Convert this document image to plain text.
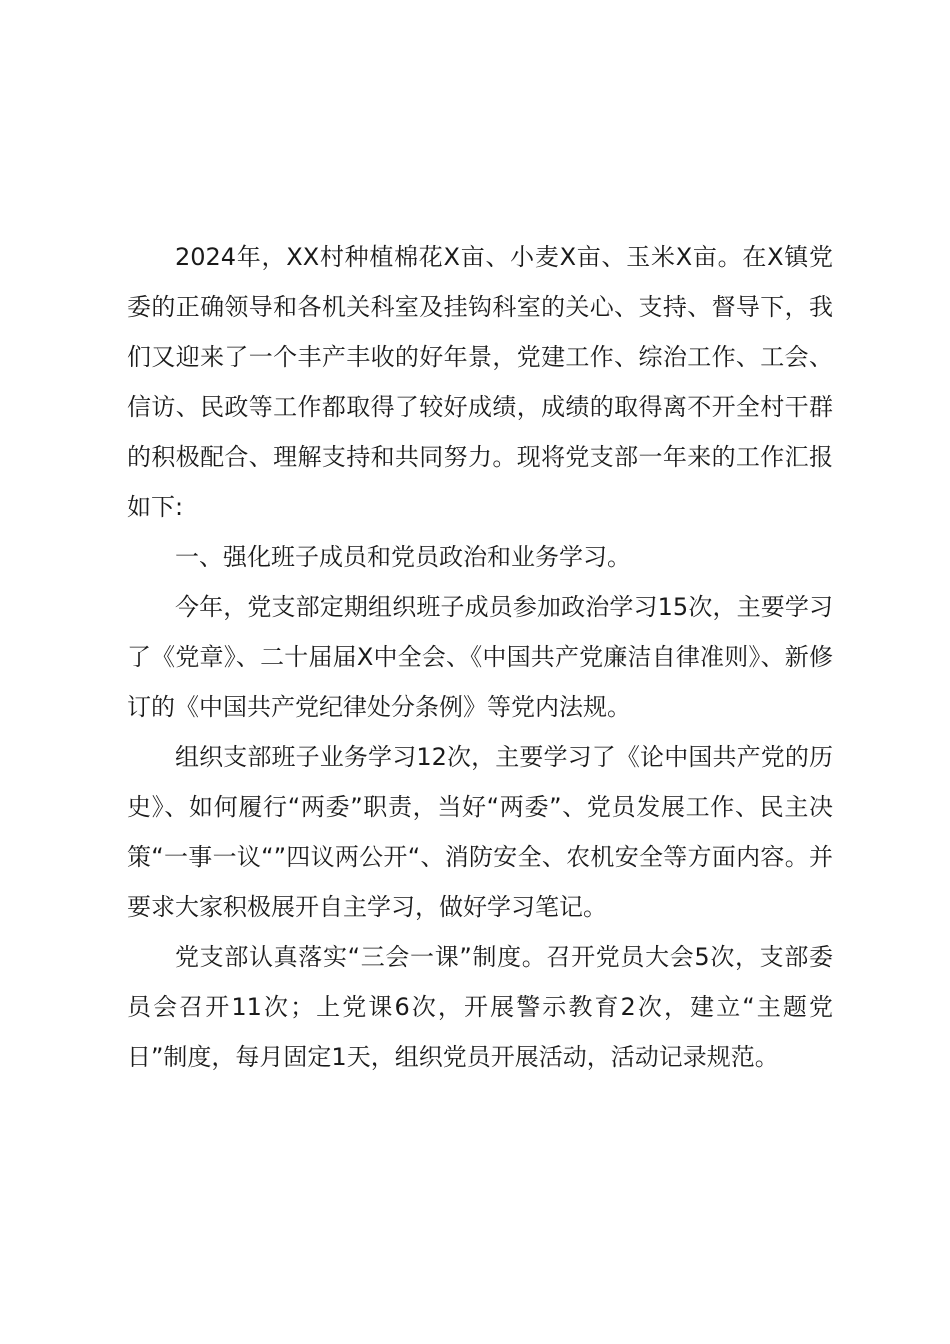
2024年，XX村种植棉花X亩、小麦X亩、玉米X亩。在X镇党委的正确领导和各机关科室及挂钩科室的关心、支持、督导下，我们又迎来了一个丰产丰收的好年景，党建工作、综治工作、工会、信访、民政等工作都取得了较好成绩，成绩的取得离不开全村干群的积极配合、理解支持和共同努力。现将党支部一年来的工作汇报如下:

一、强化班子成员和党员政治和业务学习。

今年，党支部定期组织班子成员参加政治学习15次，主要学习了《党章》、二十届届X中全会、《中国共产党廉洁自律准则》、新修订的《中国共产党纪律处分条例》等党内法规。

组织支部班子业务学习12次，主要学习了《论中国共产党的历史》、如何履行“两委”职责，当好“两委”、党员发展工作、民主决策“一事一议“”四议两公开“、消防安全、农机安全等方面内容。并要求大家积极展开自主学习，做好学习笔记。

党支部认真落实“三会一课”制度。召开党员大会5次，支部委员会召开11次；上党课6次，开展警示教育2次，建立“主题党日”制度，每月固定1天，组织党员开展活动，活动记录规范。
